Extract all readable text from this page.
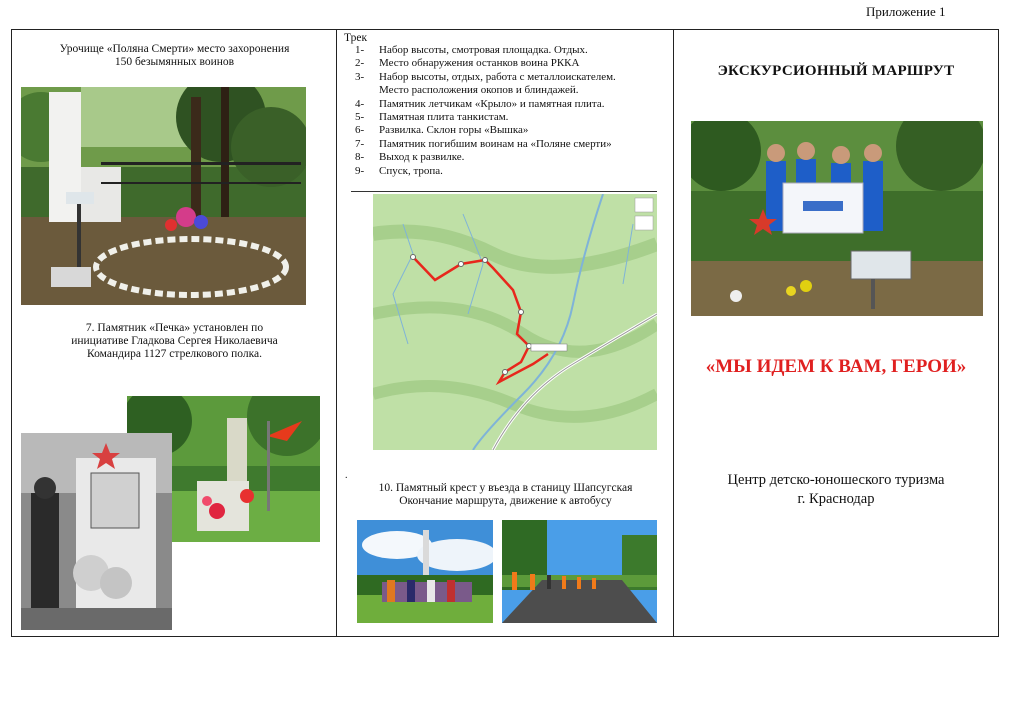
Приложение 1
Урочище «Поляна Смерти» место захоронения
150 безымянных воинов
7. Памятник «Печка» установлен по
инициативе Гладкова Сергея Николаевича
Командира 1127 стрелкового полка.
Трек
1-	Набор высоты, смотровая площадка. Отдых.
2-	Место обнаружения останков воина РККА
3-	Набор высоты, отдых, работа с металлоискателем.
Место расположения окопов и блиндажей.
4-	Памятник летчикам «Крыло» и памятная плита.
5-	Памятная плита танкистам.
6-	Развилка. Склон горы «Вышка»
7-	Памятник погибшим воинам на «Поляне смерти»
8-	Выход к развилке.
9-	Спуск, тропа.
.
10. Памятный крест у въезда в станицу Шапсугская
Окончание маршрута, движение к автобусу
ЭКСКУРСИОННЫЙ МАРШРУТ
«МЫ ИДЕМ К ВАМ, ГЕРОИ»
Центр детско-юношеского туризма
г. Краснодар
